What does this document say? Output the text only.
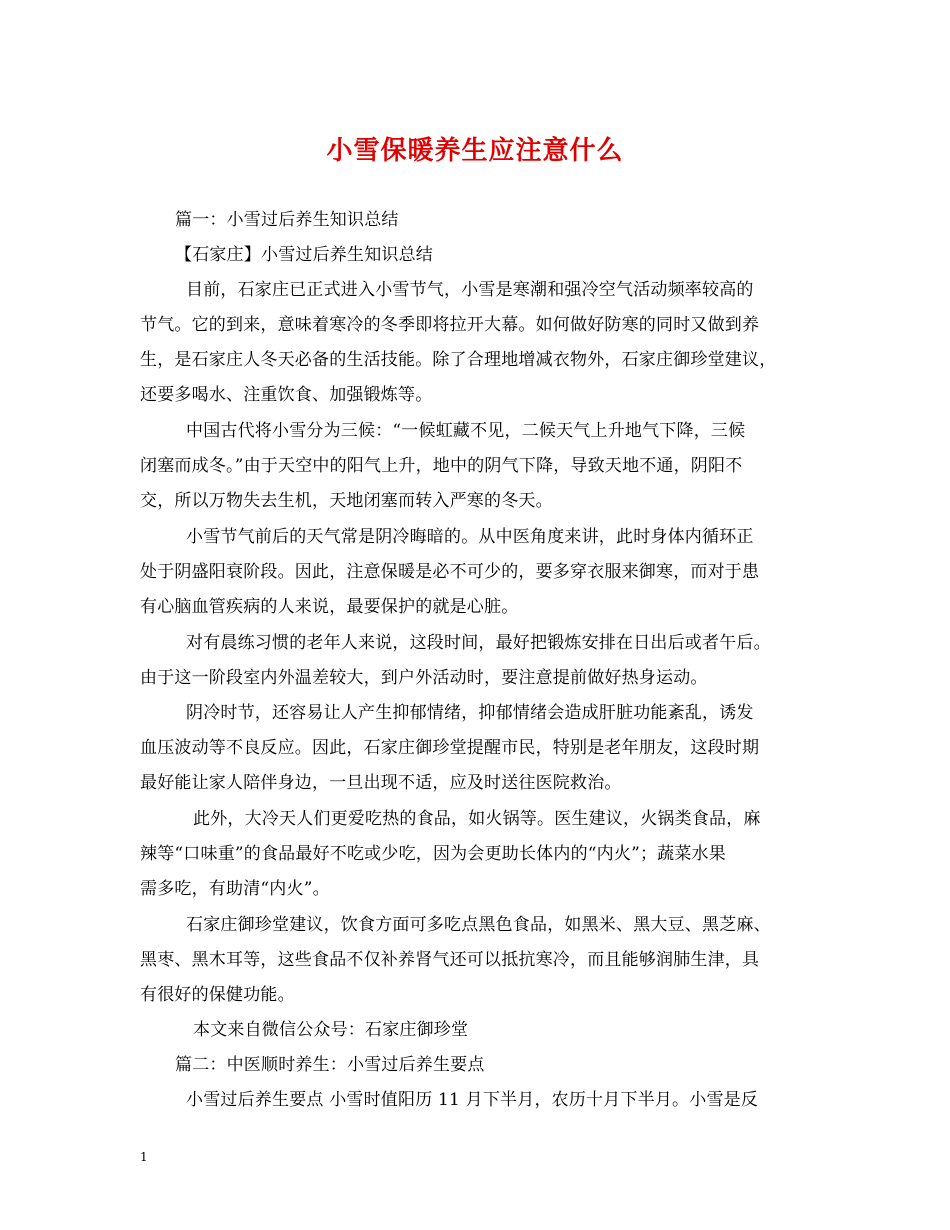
小雪保暖养生应注意什么
篇一：小雪过后养生知识总结
【石家庄】小雪过后养生知识总结
目前，石家庄已正式进入小雪节气，小雪是寒潮和强冷空气活动频率较高的
节气。它的到来，意味着寒冷的冬季即将拉开大幕。如何做好防寒的同时又做到养
生，是石家庄人冬天必备的生活技能。除了合理地增减衣物外，石家庄御珍堂建议，
还要多喝水、注重饮食、加强锻炼等。
中国古代将小雪分为三候：“一候虹藏不见，二候天气上升地气下降，三候
闭塞而成冬。”由于天空中的阳气上升，地中的阴气下降，导致天地不通，阴阳不
交，所以万物失去生机，天地闭塞而转入严寒的冬天。
小雪节气前后的天气常是阴冷晦暗的。从中医角度来讲，此时身体内循环正
处于阴盛阳衰阶段。因此，注意保暖是必不可少的，要多穿衣服来御寒，而对于患
有心脑血管疾病的人来说，最要保护的就是心脏。
对有晨练习惯的老年人来说，这段时间，最好把锻炼安排在日出后或者午后。
由于这一阶段室内外温差较大，到户外活动时，要注意提前做好热身运动。
阴冷时节，还容易让人产生抑郁情绪，抑郁情绪会造成肝脏功能紊乱，诱发
血压波动等不良反应。因此，石家庄御珍堂提醒市民，特别是老年朋友，这段时期
最好能让家人陪伴身边，一旦出现不适，应及时送往医院救治。
此外，大冷天人们更爱吃热的食品，如火锅等。医生建议，火锅类食品，麻
辣等“口味重”的食品最好不吃或少吃，因为会更助长体内的“内火”；蔬菜水果
需多吃，有助清“内火”。
石家庄御珍堂建议，饮食方面可多吃点黑色食品，如黑米、黑大豆、黑芝麻、
黑枣、黑木耳等，这些食品不仅补养肾气还可以抵抗寒冷，而且能够润肺生津，具
有很好的保健功能。
本文来自微信公众号：石家庄御珍堂
篇二：中医顺时养生：小雪过后养生要点
小雪过后养生要点 小雪时值阳历 11 月下半月，农历十月下半月。小雪是反
1
